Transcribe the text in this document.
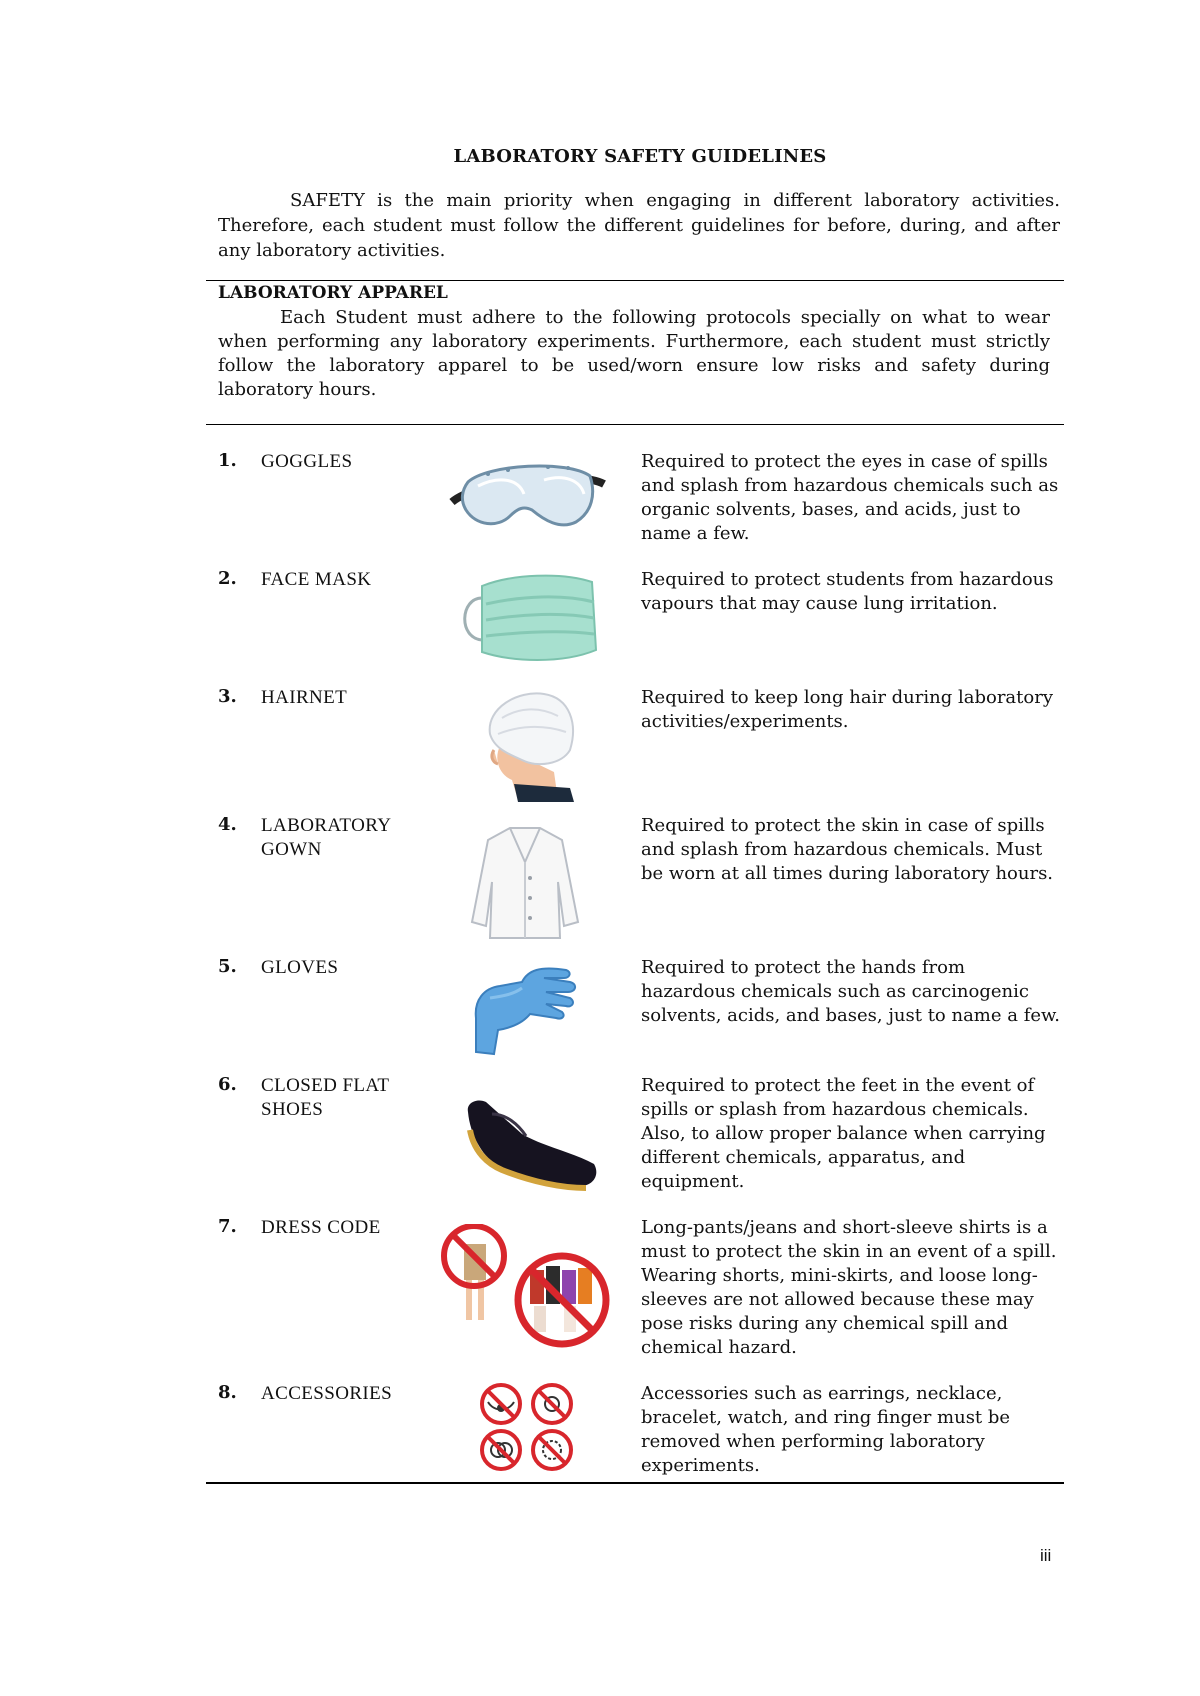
LABORATORY SAFETY GUIDELINES
SAFETY is the main priority when engaging in different laboratory activities. Therefore, each student must follow the different guidelines for before, during, and after any laboratory activities.
LABORATORY APPAREL
Each Student must adhere to the following protocols specially on what to wear when performing any laboratory experiments. Furthermore, each student must strictly follow the laboratory apparel to be used/worn ensure low risks and safety during laboratory hours.
1. GOGGLES	Required to protect the eyes in case of spills and splash from hazardous chemicals such as organic solvents, bases, and acids, just to name a few.
2. FACE MASK	Required to protect students from hazardous vapours that may cause lung irritation.
3. HAIRNET	Required to keep long hair during laboratory activities/experiments.
4. LABORATORY GOWN
Required to protect the skin in case of spills and splash from hazardous chemicals. Must be worn at all times during laboratory hours.
5. GLOVES	Required to protect the hands from hazardous chemicals such as carcinogenic solvents, acids, and bases, just to name a few.
6. CLOSED FLAT SHOES
Required to protect the feet in the event of spills or splash from hazardous chemicals. Also, to allow proper balance when carrying different chemicals, apparatus, and equipment.
7. DRESS CODE	Long-pants/jeans and short-sleeve shirts is a must to protect the skin in an event of a spill. Wearing shorts, mini-skirts, and loose long-sleeves are not allowed because these may pose risks during any chemical spill and chemical hazard.
8. ACCESSORIES	Accessories such as earrings, necklace, bracelet, watch, and ring finger must be removed when performing laboratory experiments.
iii
